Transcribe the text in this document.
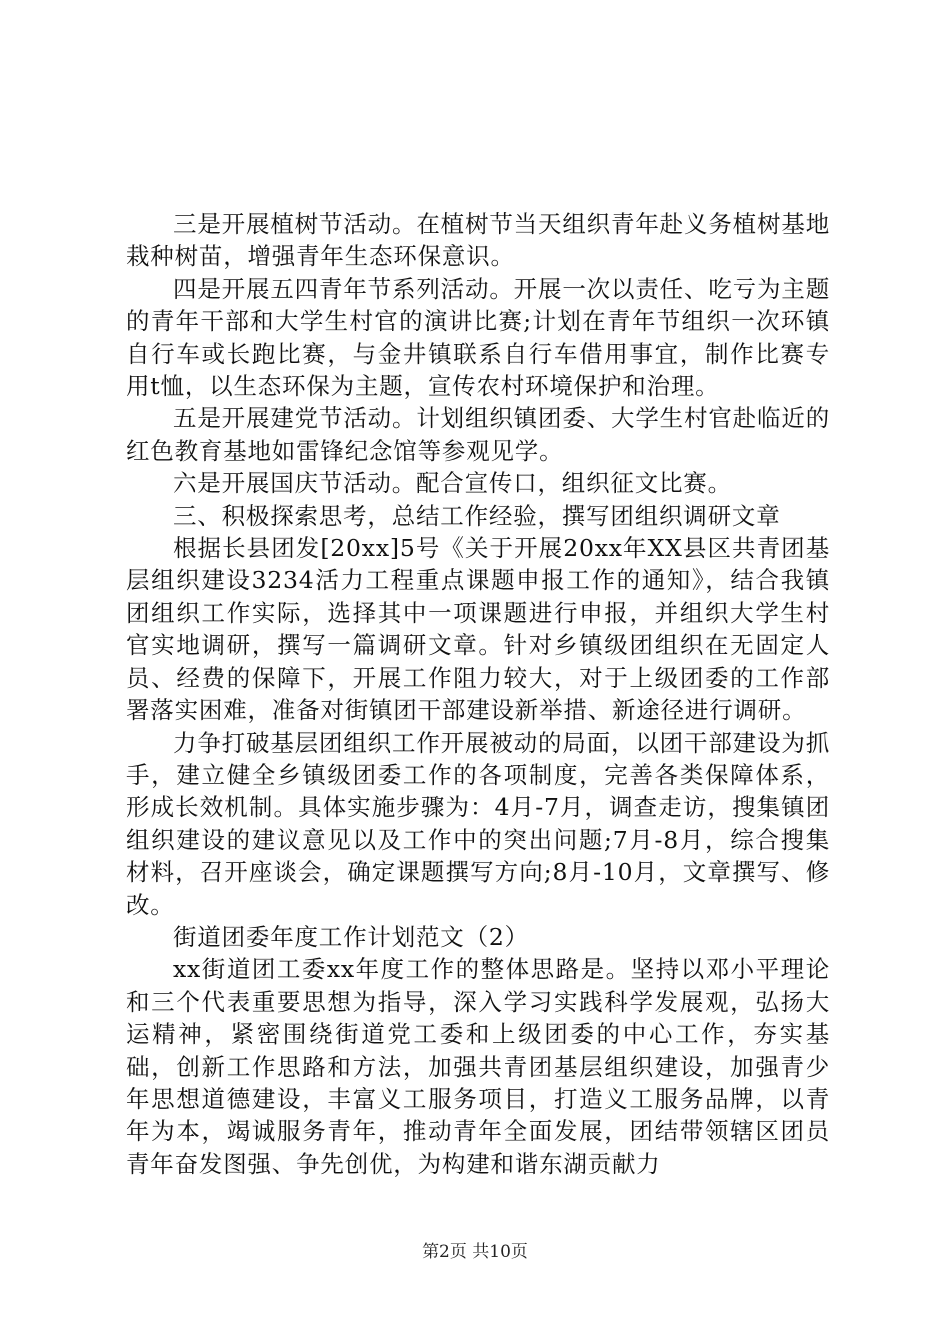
三是开展植树节活动。在植树节当天组织青年赴义务植树基地栽种树苗，增强青年生态环保意识。

四是开展五四青年节系列活动。开展一次以责任、吃亏为主题的青年干部和大学生村官的演讲比赛;计划在青年节组织一次环镇自行车或长跑比赛，与金井镇联系自行车借用事宜，制作比赛专用t恤，以生态环保为主题，宣传农村环境保护和治理。

五是开展建党节活动。计划组织镇团委、大学生村官赴临近的红色教育基地如雷锋纪念馆等参观见学。

六是开展国庆节活动。配合宣传口，组织征文比赛。

三、积极探索思考，总结工作经验，撰写团组织调研文章

根据长县团发[20xx]5号《关于开展20xx年XX县区共青团基层组织建设3234活力工程重点课题申报工作的通知》，结合我镇团组织工作实际，选择其中一项课题进行申报，并组织大学生村官实地调研，撰写一篇调研文章。针对乡镇级团组织在无固定人员、经费的保障下，开展工作阻力较大，对于上级团委的工作部署落实困难，准备对街镇团干部建设新举措、新途径进行调研。

力争打破基层团组织工作开展被动的局面，以团干部建设为抓手，建立健全乡镇级团委工作的各项制度，完善各类保障体系，形成长效机制。具体实施步骤为：4月-7月，调查走访，搜集镇团组织建设的建议意见以及工作中的突出问题;7月-8月，综合搜集材料，召开座谈会，确定课题撰写方向;8月-10月，文章撰写、修改。

街道团委年度工作计划范文（2）

xx街道团工委xx年度工作的整体思路是。坚持以邓小平理论和三个代表重要思想为指导，深入学习实践科学发展观，弘扬大运精神，紧密围绕街道党工委和上级团委的中心工作，夯实基础，创新工作思路和方法，加强共青团基层组织建设，加强青少年思想道德建设，丰富义工服务项目，打造义工服务品牌，以青年为本，竭诚服务青年，推动青年全面发展，团结带领辖区团员青年奋发图强、争先创优，为构建和谐东湖贡献力

第2页 共10页
